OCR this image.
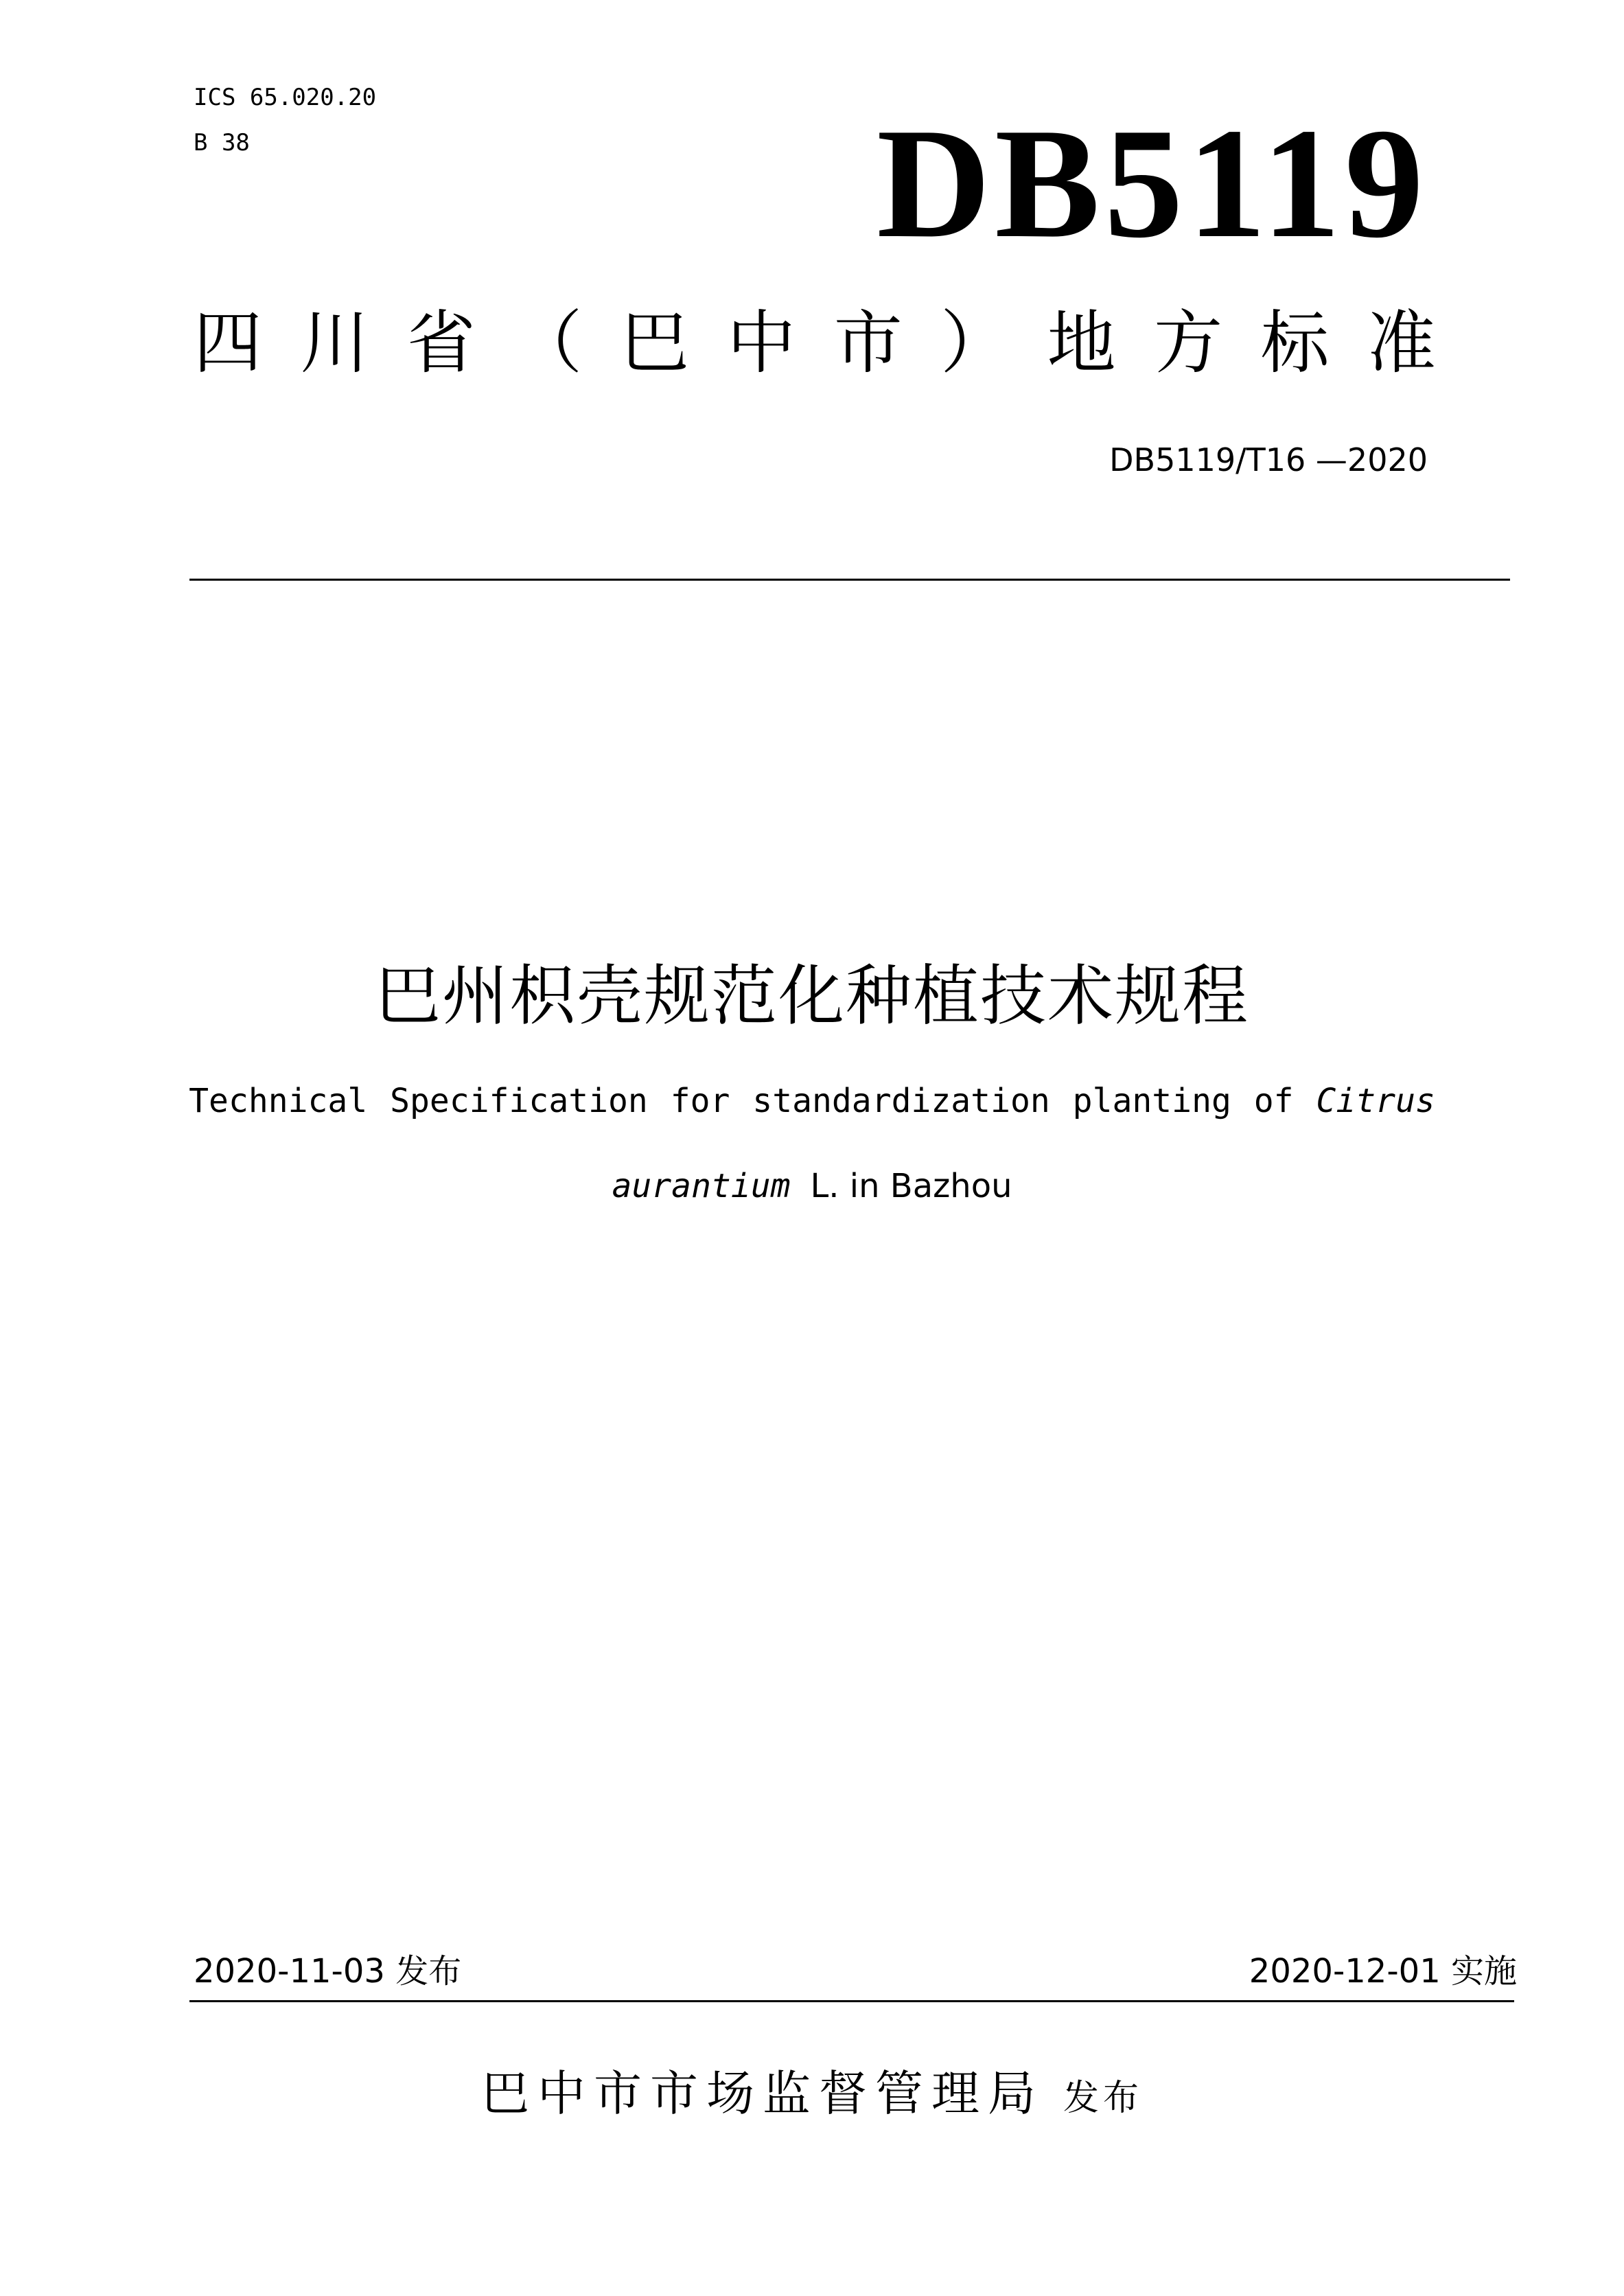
ICS 65.020.20
B 38	DB5119
四 川 省 （ 巴 中 市 ） 地 方 标 准
DB5119/T16 —2020
巴州枳壳规范化种植技术规程
Technical Specification for standardization planting of Citrus
aurantium L. in Bazhou
2020-11-03 发布	2020-12-01 实施
巴中市市场监督管理局 发布
